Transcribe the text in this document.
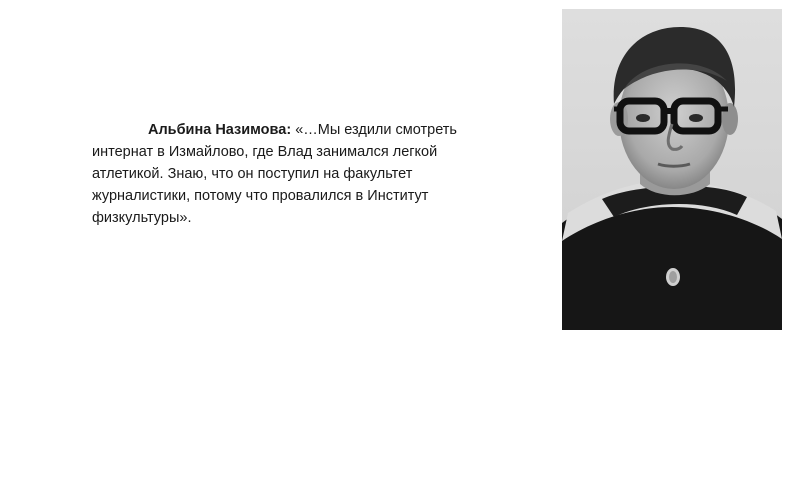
Альбина Назимова: «…Мы ездили смотреть интернат в Измайлово, где Влад занимался легкой атлетикой. Знаю, что он поступил на факультет журналистики, потому что провалился в Институт физкультуры».
